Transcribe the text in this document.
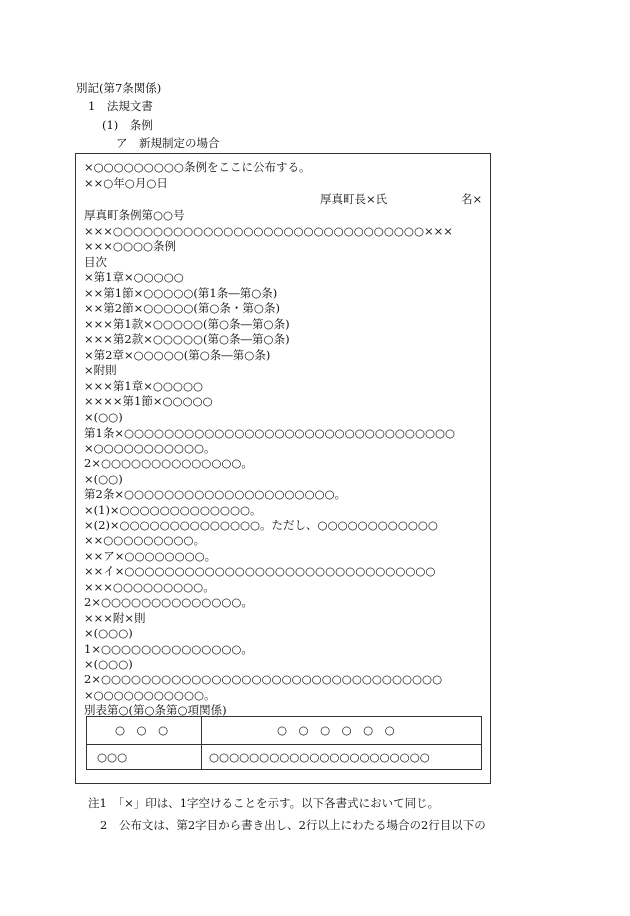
別記(第7条関係)
1　法規文書
(1)　条例
ア　新規制定の場合
×○○○○○○○○○条例をここに公布する。
××○年○月○日
厚真町条例第○○号
×××○○○○○○○○○○○○○○○○○○○○○○○○○○○○○○○×××
×××○○○○条例
目次
×第1章×○○○○○
××第1節×○○○○○(第1条―第○条)
××第2節×○○○○○(第○条・第○条)
×××第1款×○○○○○(第○条―第○条)
×××第2款×○○○○○(第○条―第○条)
×第2章×○○○○○(第○条―第○条)
×附則
×××第1章×○○○○○
××××第1節×○○○○○
×(○○)
第1条×○○○○○○○○○○○○○○○○○○○○○○○○○○○○○○○○○
×○○○○○○○○○○○。
2×○○○○○○○○○○○○○○。
×(○○)
第2条×○○○○○○○○○○○○○○○○○○○○○。
×(1)×○○○○○○○○○○○○○。
×(2)×○○○○○○○○○○○○○○。ただし、○○○○○○○○○○○○
××○○○○○○○○○。
××ア×○○○○○○○○。
××イ×○○○○○○○○○○○○○○○○○○○○○○○○○○○○○○○
×××○○○○○○○○○。
2×○○○○○○○○○○○○○○。
×××附×則
×(○○○)
1×○○○○○○○○○○○○○○。
×(○○○)
2×○○○○○○○○○○○○○○○○○○○○○○○○○○○○○○○○○○
×○○○○○○○○○○○。
別表第○(第○条第○項関係)
厚真町長×氏	名×
○　○　○	○　○　○　○　○　○
○○○	○○○○○○○○○○○○○○○○○○○○○○
注1　「×」印は、1字空けることを示す。以下各書式において同じ。
2　公布文は、第2字目から書き出し、2行以上にわたる場合の2行目以下の
